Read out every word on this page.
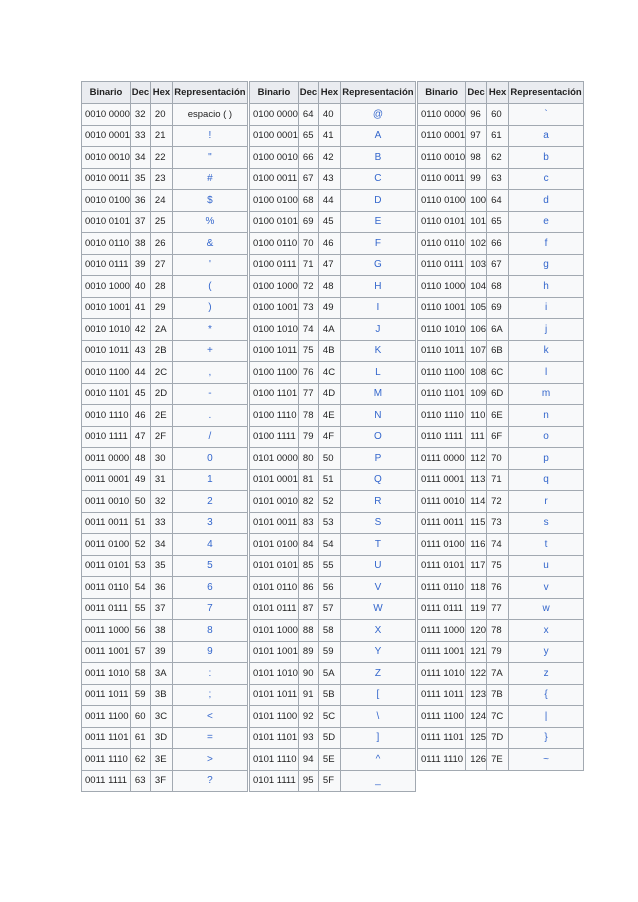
Binario	Dec	Hex	Representación
0010 0000	32	20	espacio ( )
0010 0001	33	21	!
0010 0010	34	22	"
0010 0011	35	23	#
0010 0100	36	24	$
0010 0101	37	25	%
0010 0110	38	26	&
0010 0111	39	27	'
0010 1000	40	28	(
0010 1001	41	29	)
0010 1010	42	2A	*
0010 1011	43	2B	+
0010 1100	44	2C	,
0010 1101	45	2D	-
0010 1110	46	2E	.
0010 1111	47	2F	/
0011 0000	48	30	0
0011 0001	49	31	1
0011 0010	50	32	2
0011 0011	51	33	3
0011 0100	52	34	4
0011 0101	53	35	5
0011 0110	54	36	6
0011 0111	55	37	7
0011 1000	56	38	8
0011 1001	57	39	9
0011 1010	58	3A	:
0011 1011	59	3B	;
0011 1100	60	3C	<
0011 1101	61	3D	=
0011 1110	62	3E	>
0011 1111	63	3F	?
Binario	Dec	Hex	Representación
0100 0000	64	40	@
0100 0001	65	41	A
0100 0010	66	42	B
0100 0011	67	43	C
0100 0100	68	44	D
0100 0101	69	45	E
0100 0110	70	46	F
0100 0111	71	47	G
0100 1000	72	48	H
0100 1001	73	49	I
0100 1010	74	4A	J
0100 1011	75	4B	K
0100 1100	76	4C	L
0100 1101	77	4D	M
0100 1110	78	4E	N
0100 1111	79	4F	O
0101 0000	80	50	P
0101 0001	81	51	Q
0101 0010	82	52	R
0101 0011	83	53	S
0101 0100	84	54	T
0101 0101	85	55	U
0101 0110	86	56	V
0101 0111	87	57	W
0101 1000	88	58	X
0101 1001	89	59	Y
0101 1010	90	5A	Z
0101 1011	91	5B	[
0101 1100	92	5C	\
0101 1101	93	5D	]
0101 1110	94	5E	^
0101 1111	95	5F	_
Binario	Dec	Hex	Representación
0110 0000	96	60	`
0110 0001	97	61	a
0110 0010	98	62	b
0110 0011	99	63	c
0110 0100	100	64	d
0110 0101	101	65	e
0110 0110	102	66	f
0110 0111	103	67	g
0110 1000	104	68	h
0110 1001	105	69	i
0110 1010	106	6A	j
0110 1011	107	6B	k
0110 1100	108	6C	l
0110 1101	109	6D	m
0110 1110	110	6E	n
0110 1111	111	6F	o
0111 0000	112	70	p
0111 0001	113	71	q
0111 0010	114	72	r
0111 0011	115	73	s
0111 0100	116	74	t
0111 0101	117	75	u
0111 0110	118	76	v
0111 0111	119	77	w
0111 1000	120	78	x
0111 1001	121	79	y
0111 1010	122	7A	z
0111 1011	123	7B	{
0111 1100	124	7C	|
0111 1101	125	7D	}
0111 1110	126	7E	~
